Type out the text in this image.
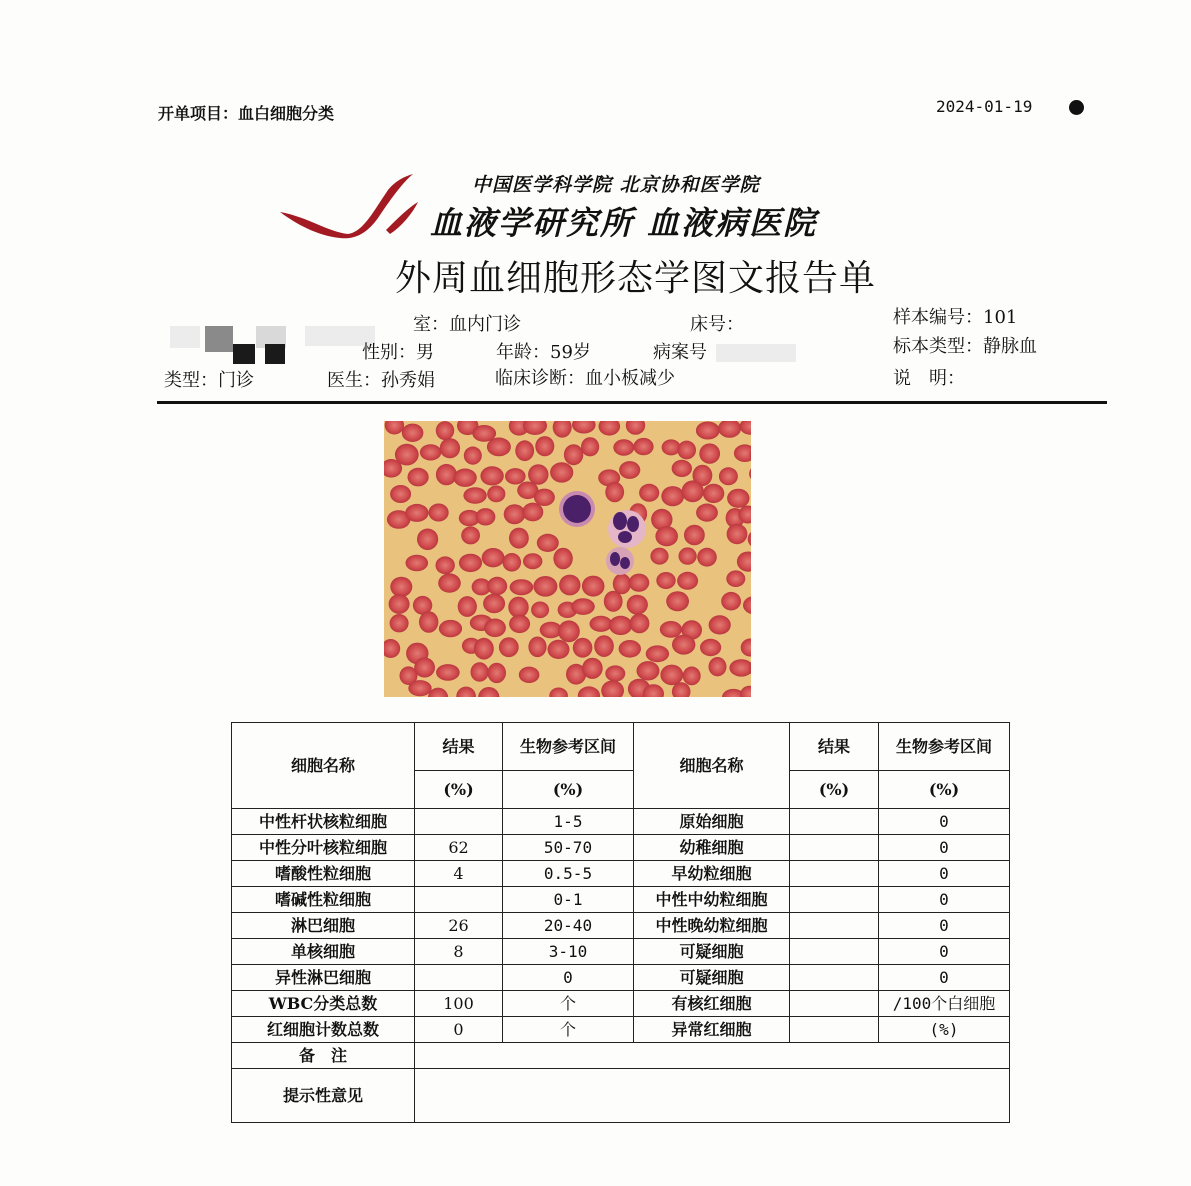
开单项目：血白细胞分类	2024-01-19
中国医学科学院 北京协和医学院
血液学研究所 血液病医院
外周血细胞形态学图文报告单
室：血内门诊	床号：	样本编号：101
性别：男	年龄：59岁	病案号	标本类型：静脉血
类型：门诊	医生：孙秀娟	临床诊断：血小板减少	说　明：
细胞名称	结果	生物参考区间	细胞名称	结果	生物参考区间
	(%)	(%)		(%)	(%)
中性杆状核粒细胞		1-5	原始细胞		0
中性分叶核粒细胞	62	50-70	幼稚细胞		0
嗜酸性粒细胞	4	0.5-5	早幼粒细胞		0
嗜碱性粒细胞		0-1	中性中幼粒细胞		0
淋巴细胞	26	20-40	中性晚幼粒细胞		0
单核细胞	8	3-10	可疑细胞		0
异性淋巴细胞		0	可疑细胞		0
WBC分类总数	100	个	有核红细胞		/100个白细胞
红细胞计数总数	0	个	异常红细胞		(%)
备　注					
提示性意见					
